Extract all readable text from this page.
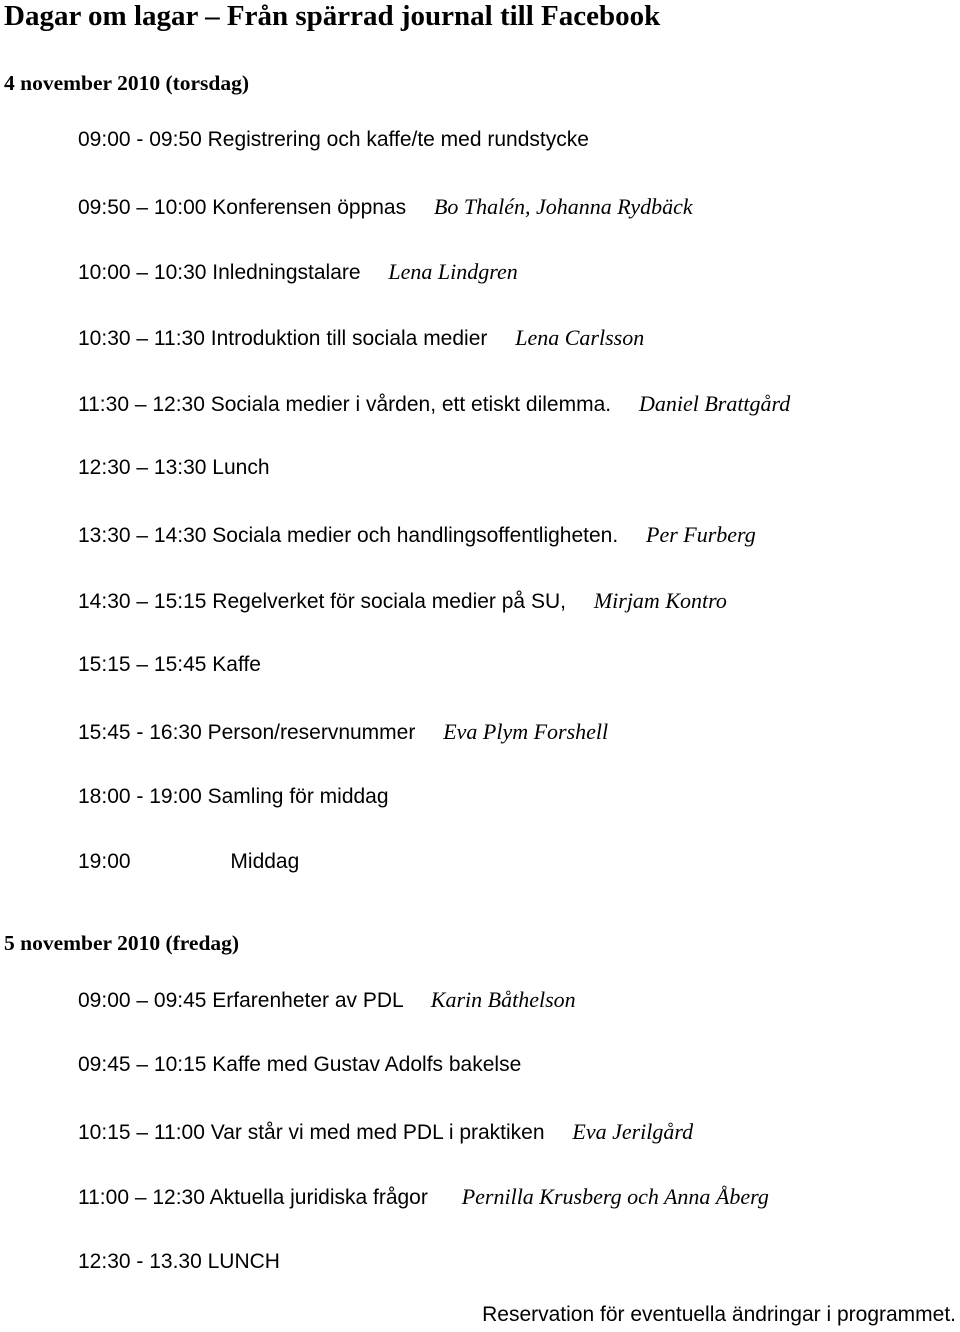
Dagar om lagar – Från spärrad journal till Facebook
4 november 2010 (torsdag)
09:00 - 09:50 Registrering och kaffe/te med rundstycke
09:50 – 10:00 Konferensen öppnas Bo Thalén, Johanna Rydbäck
10:00 – 10:30 Inledningstalare Lena Lindgren
10:30 – 11:30 Introduktion till sociala medier Lena Carlsson
11:30 – 12:30 Sociala medier i vården, ett etiskt dilemma. Daniel Brattgård
12:30 – 13:30 Lunch
13:30 – 14:30 Sociala medier och handlingsoffentligheten. Per Furberg
14:30 – 15:15 Regelverket för sociala medier på SU, Mirjam Kontro
15:15 – 15:45 Kaffe
15:45 - 16:30 Person/reservnummer Eva Plym Forshell
18:00 - 19:00 Samling för middag
19:00	Middag
5 november 2010 (fredag)
09:00 – 09:45 Erfarenheter av PDL Karin Båthelson
09:45 – 10:15 Kaffe med Gustav Adolfs bakelse
10:15 – 11:00 Var står vi med med PDL i praktiken Eva Jerilgård
11:00 – 12:30 Aktuella juridiska frågor Pernilla Krusberg och Anna Åberg
12:30 - 13.30 LUNCH
Reservation för eventuella ändringar i programmet.
